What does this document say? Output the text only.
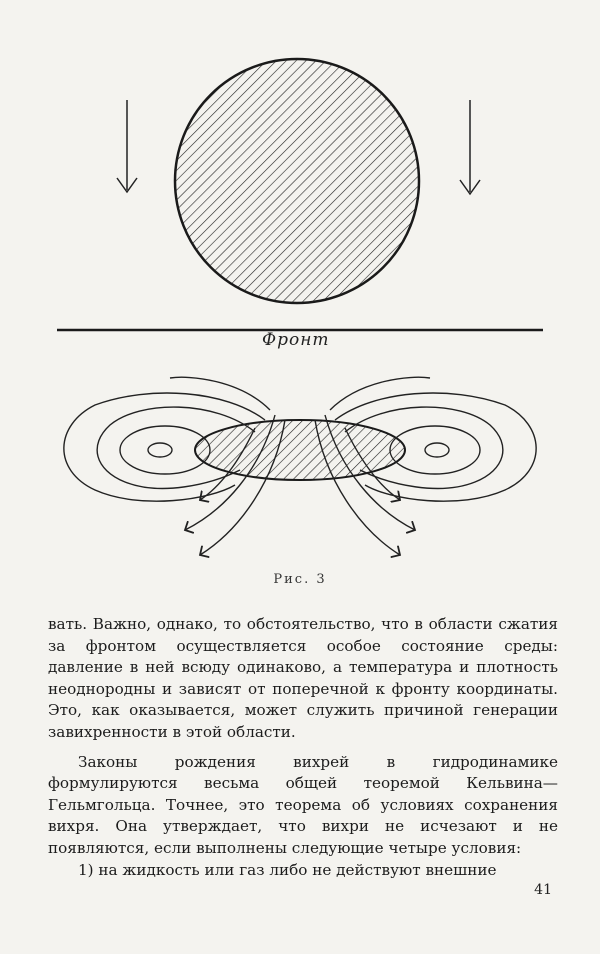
Фронт
Рис. 3

вать. Важно, однако, то обстоятельство, что в области сжатия за фронтом осуществляется особое состояние среды: давление в ней всюду одинаково, а температура и плотность неоднородны и зависят от поперечной к фронту координаты. Это, как оказывается, может служить причиной генерации завихренности в этой области.

Законы рождения вихрей в гидродинамике формулируются весьма общей теоремой Кельвина—Гельмгольца. Точнее, это теорема об условиях сохранения вихря. Она утверждает, что вихри не исчезают и не появляются, если выполнены следующие четыре условия:

1) на жидкость или газ либо не действуют внешние

41
